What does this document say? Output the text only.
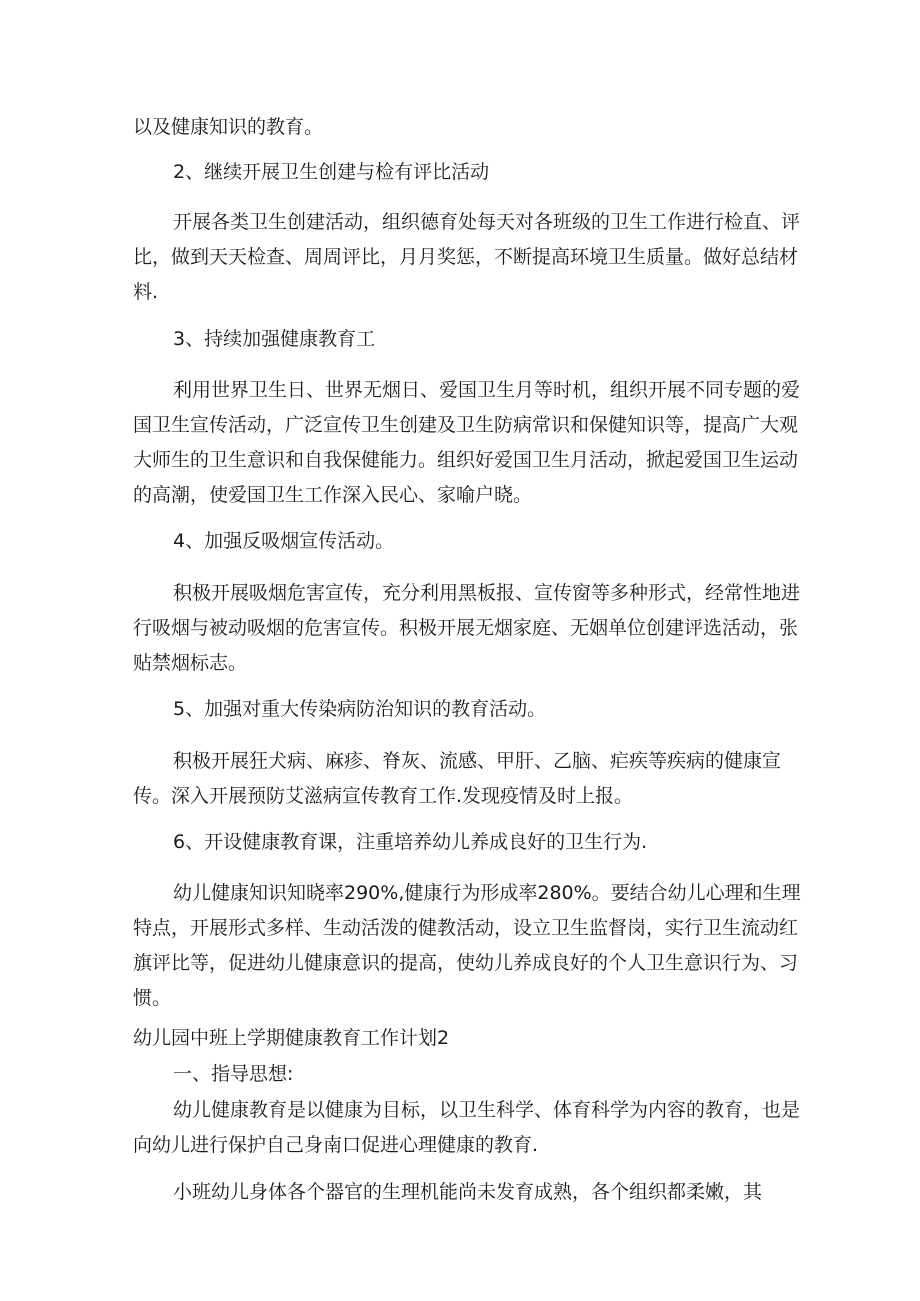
以及健康知识的教育。

2、继续开展卫生创建与检有评比活动

开展各类卫生创建活动，组织德育处每天对各班级的卫生工作进行检直、评比，做到天天检查、周周评比，月月奖惩，不断提高环境卫生质量。做好总结材料.

3、持续加强健康教育工

利用世界卫生日、世界无烟日、爱国卫生月等时机，组织开展不同专题的爱国卫生宣传活动，广泛宣传卫生创建及卫生防病常识和保健知识等，提高广大观大师生的卫生意识和自我保健能力。组织好爱国卫生月活动，掀起爱国卫生运动的高潮，使爱国卫生工作深入民心、家喻户晓。

4、加强反吸烟宣传活动。

积极开展吸烟危害宣传，充分利用黑板报、宣传窗等多种形式，经常性地进行吸烟与被动吸烟的危害宣传。积极开展无烟家庭、无姻单位创建评选活动，张贴禁烟标志。

5、加强对重大传染病防治知识的教育活动。

积极开展狂犬病、麻疹、脊灰、流感、甲肝、乙脑、疟疾等疾病的健康宣传。深入开展预防艾滋病宣传教育工作.发现疫情及时上报。

6、开设健康教育课，注重培养幼儿养成良好的卫生行为.

幼儿健康知识知晓率290%,健康行为形成率280%。要结合幼儿心理和生理特点，开展形式多样、生动活泼的健教活动，设立卫生监督岗，实行卫生流动红旗评比等，促进幼儿健康意识的提高，使幼儿养成良好的个人卫生意识行为、习惯。

幼儿园中班上学期健康教育工作计划2

一、指导思想:

幼儿健康教育是以健康为目标，以卫生科学、体育科学为内容的教育，也是向幼儿进行保护自己身南口促进心理健康的教育.

小班幼儿身体各个器官的生理机能尚未发育成熟，各个组织都柔嫩，其
